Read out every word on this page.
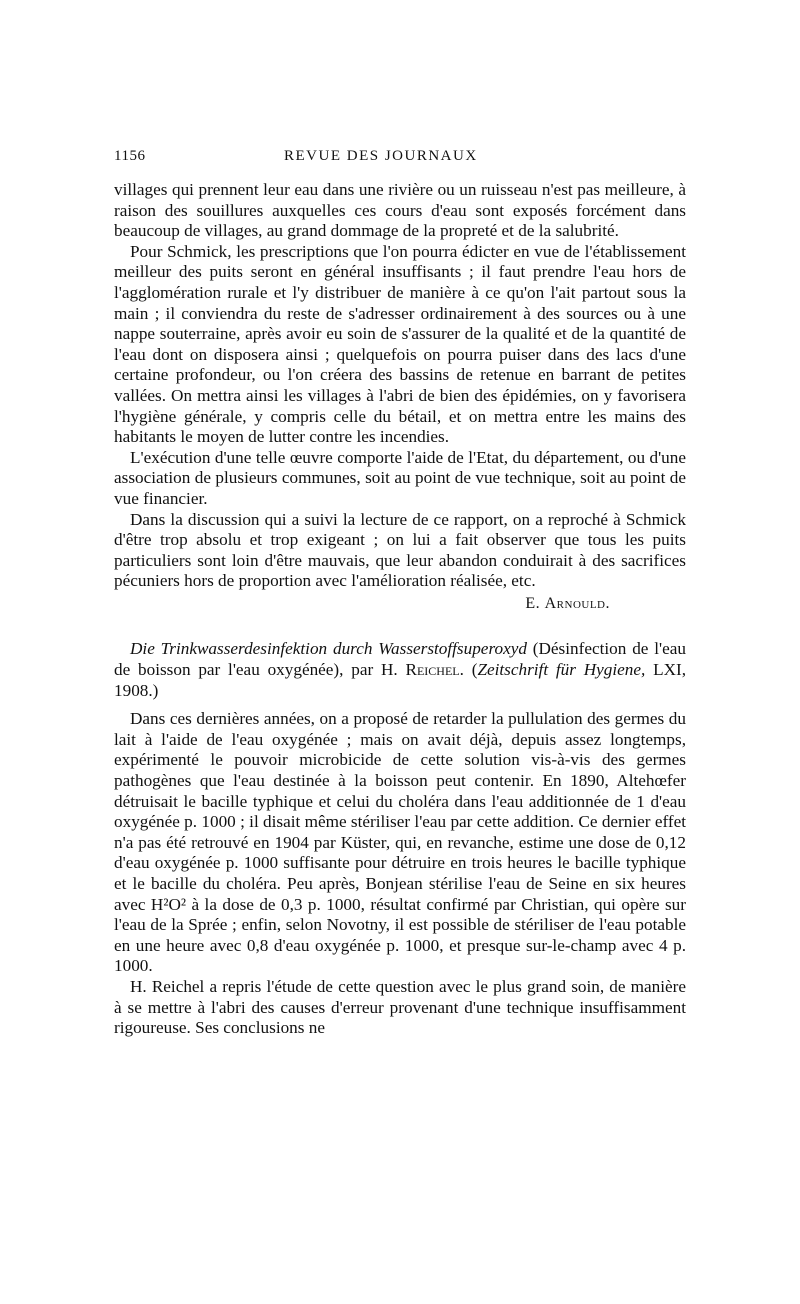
1156	REVUE DES JOURNAUX

villages qui prennent leur eau dans une rivière ou un ruisseau n'est pas meilleure, à raison des souillures auxquelles ces cours d'eau sont exposés forcément dans beaucoup de villages, au grand dommage de la propreté et de la salubrité.

Pour Schmick, les prescriptions que l'on pourra édicter en vue de l'établissement meilleur des puits seront en général insuffisants ; il faut prendre l'eau hors de l'agglomération rurale et l'y distribuer de manière à ce qu'on l'ait partout sous la main ; il conviendra du reste de s'adresser ordinairement à des sources ou à une nappe souterraine, après avoir eu soin de s'assurer de la qualité et de la quantité de l'eau dont on disposera ainsi ; quelquefois on pourra puiser dans des lacs d'une certaine profondeur, ou l'on créera des bassins de retenue en barrant de petites vallées. On mettra ainsi les villages à l'abri de bien des épidémies, on y favorisera l'hygiène générale, y compris celle du bétail, et on mettra entre les mains des habitants le moyen de lutter contre les incendies.

L'exécution d'une telle œuvre comporte l'aide de l'Etat, du département, ou d'une association de plusieurs communes, soit au point de vue technique, soit au point de vue financier.

Dans la discussion qui a suivi la lecture de ce rapport, on a reproché à Schmick d'être trop absolu et trop exigeant ; on lui a fait observer que tous les puits particuliers sont loin d'être mauvais, que leur abandon conduirait à des sacrifices pécuniers hors de proportion avec l'amélioration réalisée, etc.

E. Arnould.

Die Trinkwasserdesinfektion durch Wasserstoffsuperoxyd (Désinfection de l'eau de boisson par l'eau oxygénée), par H. Reichel. (Zeitschrift für Hygiene, LXI, 1908.)

Dans ces dernières années, on a proposé de retarder la pullulation des germes du lait à l'aide de l'eau oxygénée ; mais on avait déjà, depuis assez longtemps, expérimenté le pouvoir microbicide de cette solution vis-à-vis des germes pathogènes que l'eau destinée à la boisson peut contenir. En 1890, Altehœfer détruisait le bacille typhique et celui du choléra dans l'eau additionnée de 1 d'eau oxygénée p. 1000 ; il disait même stériliser l'eau par cette addition. Ce dernier effet n'a pas été retrouvé en 1904 par Küster, qui, en revanche, estime une dose de 0,12 d'eau oxygénée p. 1000 suffisante pour détruire en trois heures le bacille typhique et le bacille du choléra. Peu après, Bonjean stérilise l'eau de Seine en six heures avec H²O² à la dose de 0,3 p. 1000, résultat confirmé par Christian, qui opère sur l'eau de la Sprée ; enfin, selon Novotny, il est possible de stériliser de l'eau potable en une heure avec 0,8 d'eau oxygénée p. 1000, et presque sur-le-champ avec 4 p. 1000.

H. Reichel a repris l'étude de cette question avec le plus grand soin, de manière à se mettre à l'abri des causes d'erreur provenant d'une technique insuffisamment rigoureuse. Ses conclusions ne
